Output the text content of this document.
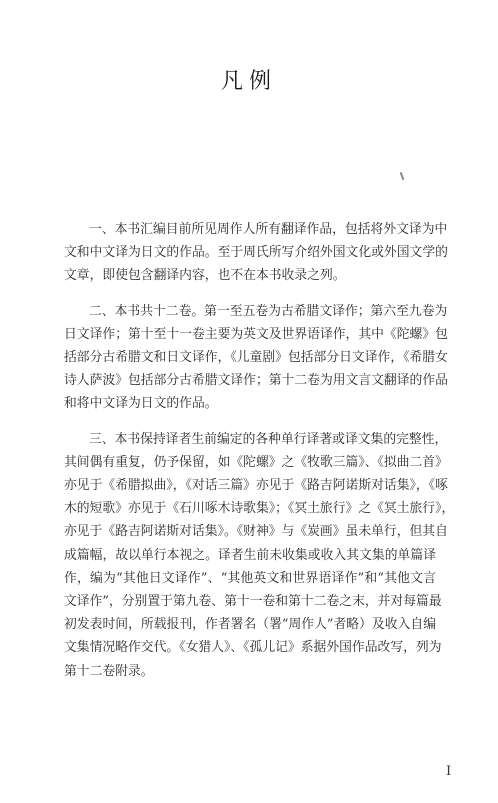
凡例
一、本书汇编目前所见周作人所有翻译作品，包括将外文译为中
文和中文译为日文的作品。至于周氏所写介绍外国文化或外国文学的
文章，即使包含翻译内容，也不在本书收录之列。
二、本书共十二卷。第一至五卷为古希腊文译作；第六至九卷为
日文译作；第十至十一卷主要为英文及世界语译作，其中《陀螺》包
括部分古希腊文和日文译作，《儿童剧》包括部分日文译作，《希腊女
诗人萨波》包括部分古希腊文译作；第十二卷为用文言文翻译的作品
和将中文译为日文的作品。
三、本书保持译者生前编定的各种单行译著或译文集的完整性，
其间偶有重复，仍予保留，如《陀螺》之《牧歌三篇》、《拟曲二首》
亦见于《希腊拟曲》，《对话三篇》亦见于《路吉阿诺斯对话集》，《啄
木的短歌》亦见于《石川啄木诗歌集》；《冥土旅行》之《冥土旅行》，
亦见于《路吉阿诺斯对话集》。《财神》与《炭画》虽未单行，但其自
成篇幅，故以单行本视之。译者生前未收集或收入其文集的单篇译
作，编为“其他日文译作”、“其他英文和世界语译作”和“其他文言
文译作”，分别置于第九卷、第十一卷和第十二卷之末，并对每篇最
初发表时间，所载报刊，作者署名（署“周作人”者略）及收入自编
文集情况略作交代。《女猎人》、《孤儿记》系据外国作品改写，列为
第十二卷附录。
I
